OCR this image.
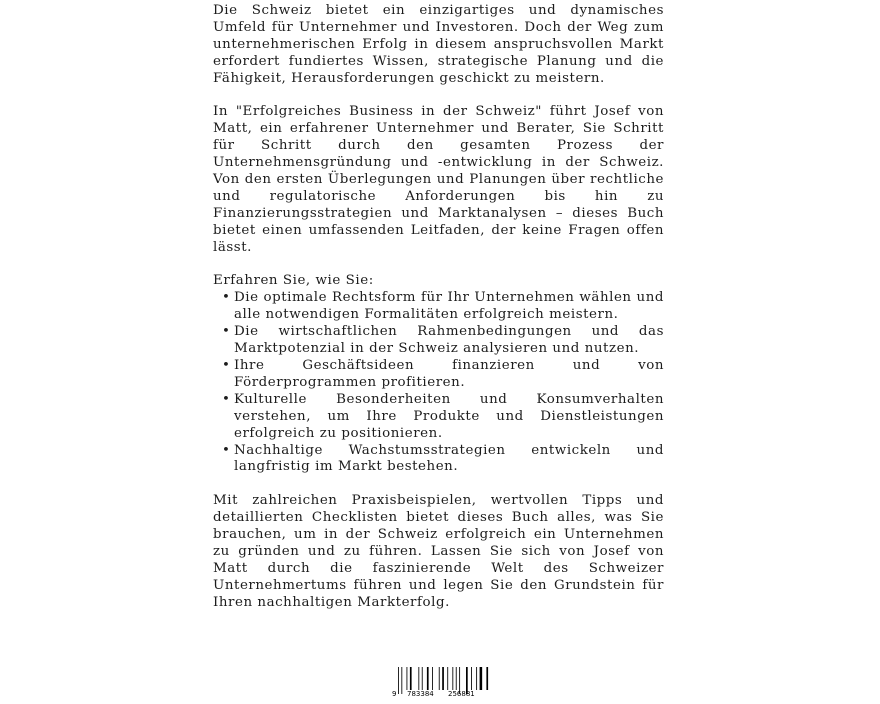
Die Schweiz bietet ein einzigartiges und dynamisches Umfeld für Unternehmer und Investoren. Doch der Weg zum unternehmerischen Erfolg in diesem anspruchsvollen Markt erfordert fundiertes Wissen, strategische Planung und die Fähigkeit, Herausforderungen geschickt zu meistern.

In "Erfolgreiches Business in der Schweiz" führt Josef von Matt, ein erfahrener Unternehmer und Berater, Sie Schritt für Schritt durch den gesamten Prozess der Unternehmensgründung und -entwicklung in der Schweiz. Von den ersten Überlegungen und Planungen über rechtliche und regulatorische Anforderungen bis hin zu Finanzierungsstrategien und Marktanalysen – dieses Buch bietet einen umfassenden Leitfaden, der keine Fragen offen lässt.

Erfahren Sie, wie Sie:

• Die optimale Rechtsform für Ihr Unternehmen wählen und alle notwendigen Formalitäten erfolgreich meistern.
• Die wirtschaftlichen Rahmenbedingungen und das Marktpotenzial in der Schweiz analysieren und nutzen.
• Ihre Geschäftsideen finanzieren und von Förderprogrammen profitieren.
• Kulturelle Besonderheiten und Konsumverhalten verstehen, um Ihre Produkte und Dienstleistungen erfolgreich zu positionieren.
• Nachhaltige Wachstumsstrategien entwickeln und langfristig im Markt bestehen.

Mit zahlreichen Praxisbeispielen, wertvollen Tipps und detaillierten Checklisten bietet dieses Buch alles, was Sie brauchen, um in der Schweiz erfolgreich ein Unternehmen zu gründen und zu führen. Lassen Sie sich von Josef von Matt durch die faszinierende Welt des Schweizer Unternehmertums führen und legen Sie den Grundstein für Ihren nachhaltigen Markterfolg.

9 783384 256881
